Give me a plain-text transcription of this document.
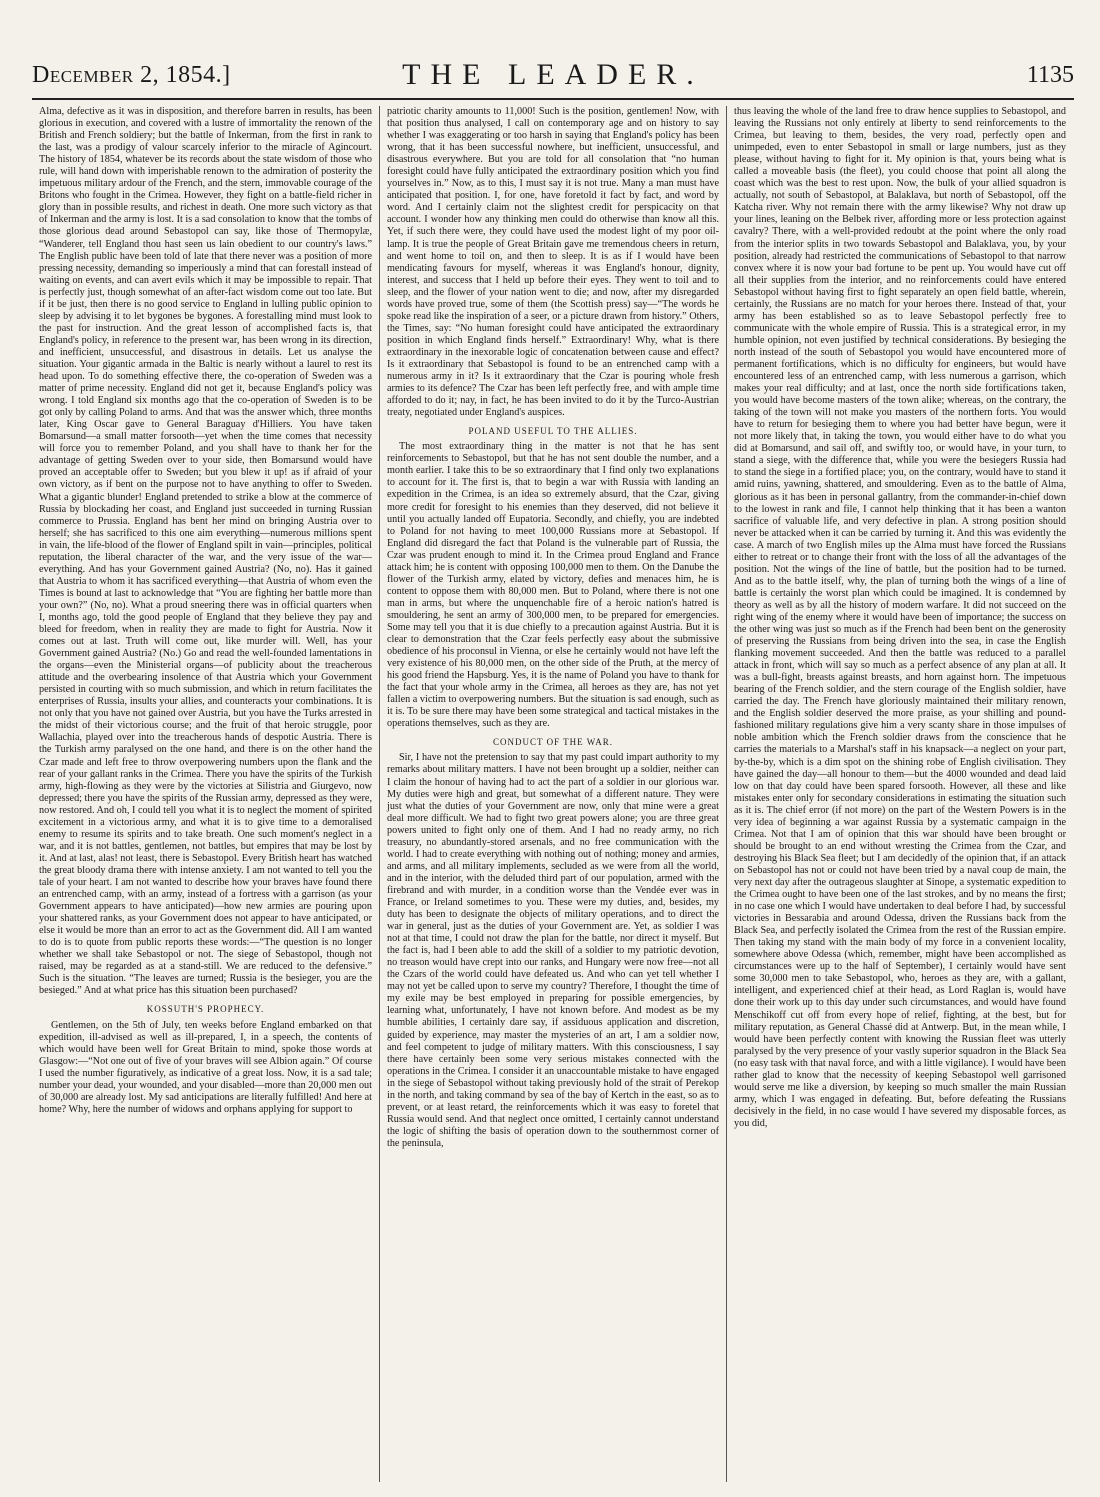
December 2, 1854.]	THE LEADER.	1135

Alma, defective as it was in disposition, and therefore barren in results, has been glorious in execution, and covered with a lustre of immortality the renown of the British and French soldiery; but the battle of Inkerman, from the first in rank to the last, was a prodigy of valour scarcely inferior to the miracle of Agincourt. The history of 1854, whatever be its records about the state wisdom of those who rule, will hand down with imperishable renown to the admiration of posterity the impetuous military ardour of the French, and the stern, immovable courage of the Britons who fought in the Crimea. However, they fight on a battle-field richer in glory than in possible results, and richest in death. One more such victory as that of Inkerman and the army is lost. It is a sad consolation to know that the tombs of those glorious dead around Sebastopol can say, like those of Thermopylæ, “Wanderer, tell England thou hast seen us lain obedient to our country's laws.” The English public have been told of late that there never was a position of more pressing necessity, demanding so imperiously a mind that can forestall instead of waiting on events, and can avert evils which it may be impossible to repair. That is perfectly just, though somewhat of an after-fact wisdom come out too late. But if it be just, then there is no good service to England in lulling public opinion to sleep by advising it to let bygones be bygones. A forestalling mind must look to the past for instruction. And the great lesson of accomplished facts is, that England's policy, in reference to the present war, has been wrong in its direction, and inefficient, unsuccessful, and disastrous in details. Let us analyse the situation. Your gigantic armada in the Baltic is nearly without a laurel to rest its head upon. To do something effective there, the co-operation of Sweden was a matter of prime necessity. England did not get it, because England's policy was wrong. I told England six months ago that the co-operation of Sweden is to be got only by calling Poland to arms. And that was the answer which, three months later, King Oscar gave to General Baraguay d'Hilliers. You have taken Bomarsund—a small matter forsooth—yet when the time comes that necessity will force you to remember Poland, and you shall have to thank her for the advantage of getting Sweden over to your side, then Bomarsund would have proved an acceptable offer to Sweden; but you blew it up! as if afraid of your own victory, as if bent on the purpose not to have anything to offer to Sweden. What a gigantic blunder! England pretended to strike a blow at the commerce of Russia by blockading her coast, and England just succeeded in turning Russian commerce to Prussia. England has bent her mind on bringing Austria over to herself; she has sacrificed to this one aim everything—numerous millions spent in vain, the life-blood of the flower of England spilt in vain—principles, political reputation, the liberal character of the war, and the very issue of the war—everything. And has your Government gained Austria? (No, no). Has it gained that Austria to whom it has sacrificed everything—that Austria of whom even the Times is bound at last to acknowledge that “You are fighting her battle more than your own?” (No, no). What a proud sneering there was in official quarters when I, months ago, told the good people of England that they believe they pay and bleed for freedom, when in reality they are made to fight for Austria. Now it comes out at last. Truth will come out, like murder will. Well, has your Government gained Austria? (No.) Go and read the well-founded lamentations in the organs—even the Ministerial organs—of publicity about the treacherous attitude and the overbearing insolence of that Austria which your Government persisted in courting with so much submission, and which in return facilitates the enterprises of Russia, insults your allies, and counteracts your combinations. It is not only that you have not gained over Austria, but you have the Turks arrested in the midst of their victorious course; and the fruit of that heroic struggle, poor Wallachia, played over into the treacherous hands of despotic Austria. There is the Turkish army paralysed on the one hand, and there is on the other hand the Czar made and left free to throw overpowering numbers upon the flank and the rear of your gallant ranks in the Crimea. There you have the spirits of the Turkish army, high-flowing as they were by the victories at Silistria and Giurgevo, now depressed; there you have the spirits of the Russian army, depressed as they were, now restored. And oh, I could tell you what it is to neglect the moment of spirited excitement in a victorious army, and what it is to give time to a demoralised enemy to resume its spirits and to take breath. One such moment's neglect in a war, and it is not battles, gentlemen, not battles, but empires that may be lost by it. And at last, alas! not least, there is Sebastopol. Every British heart has watched the great bloody drama there with intense anxiety. I am not wanted to tell you the tale of your heart. I am not wanted to describe how your braves have found there an entrenched camp, with an army, instead of a fortress with a garrison (as your Government appears to have anticipated)—how new armies are pouring upon your shattered ranks, as your Government does not appear to have anticipated, or else it would be more than an error to act as the Government did. All I am wanted to do is to quote from public reports these words:—“The question is no longer whether we shall take Sebastopol or not. The siege of Sebastopol, though not raised, may be regarded as at a stand-still. We are reduced to the defensive.” Such is the situation. “The leaves are turned; Russia is the besieger, you are the besieged.” And at what price has this situation been purchased?

KOSSUTH'S PROPHECY.

Gentlemen, on the 5th of July, ten weeks before England embarked on that expedition, ill-advised as well as ill-prepared, I, in a speech, the contents of which would have been well for Great Britain to mind, spoke those words at Glasgow:—“Not one out of five of your braves will see Albion again.” Of course I used the number figuratively, as indicative of a great loss. Now, it is a sad tale; number your dead, your wounded, and your disabled—more than 20,000 men out of 30,000 are already lost. My sad anticipations are literally fulfilled! And here at home? Why, here the number of widows and orphans applying for support to

patriotic charity amounts to 11,000! Such is the position, gentlemen! Now, with that position thus analysed, I call on contemporary age and on history to say whether I was exaggerating or too harsh in saying that England's policy has been wrong, that it has been successful nowhere, but inefficient, unsuccessful, and disastrous everywhere. But you are told for all consolation that “no human foresight could have fully anticipated the extraordinary position which you find yourselves in.” Now, as to this, I must say it is not true. Many a man must have anticipated that position. I, for one, have foretold it fact by fact, and word by word. And I certainly claim not the slightest credit for perspicacity on that account. I wonder how any thinking men could do otherwise than know all this. Yet, if such there were, they could have used the modest light of my poor oil-lamp. It is true the people of Great Britain gave me tremendous cheers in return, and went home to toil on, and then to sleep. It is as if I would have been mendicating favours for myself, whereas it was England's honour, dignity, interest, and success that I held up before their eyes. They went to toil and to sleep, and the flower of your nation went to die; and now, after my disregarded words have proved true, some of them (the Scottish press) say—“The words he spoke read like the inspiration of a seer, or a picture drawn from history.” Others, the Times, say: “No human foresight could have anticipated the extraordinary position in which England finds herself.” Extraordinary! Why, what is there extraordinary in the inexorable logic of concatenation between cause and effect? Is it extraordinary that Sebastopol is found to be an entrenched camp with a numerous army in it? Is it extraordinary that the Czar is pouring whole fresh armies to its defence? The Czar has been left perfectly free, and with ample time afforded to do it; nay, in fact, he has been invited to do it by the Turco-Austrian treaty, negotiated under England's auspices.

POLAND USEFUL TO THE ALLIES.

The most extraordinary thing in the matter is not that he has sent reinforcements to Sebastopol, but that he has not sent double the number, and a month earlier. I take this to be so extraordinary that I find only two explanations to account for it. The first is, that to begin a war with Russia with landing an expedition in the Crimea, is an idea so extremely absurd, that the Czar, giving more credit for foresight to his enemies than they deserved, did not believe it until you actually landed off Eupatoria. Secondly, and chiefly, you are indebted to Poland for not having to meet 100,000 Russians more at Sebastopol. If England did disregard the fact that Poland is the vulnerable part of Russia, the Czar was prudent enough to mind it. In the Crimea proud England and France attack him; he is content with opposing 100,000 men to them. On the Danube the flower of the Turkish army, elated by victory, defies and menaces him, he is content to oppose them with 80,000 men. But to Poland, where there is not one man in arms, but where the unquenchable fire of a heroic nation's hatred is smouldering, he sent an army of 300,000 men, to be prepared for emergencies. Some may tell you that it is due chiefly to a precaution against Austria. But it is clear to demonstration that the Czar feels perfectly easy about the submissive obedience of his proconsul in Vienna, or else he certainly would not have left the very existence of his 80,000 men, on the other side of the Pruth, at the mercy of his good friend the Hapsburg. Yes, it is the name of Poland you have to thank for the fact that your whole army in the Crimea, all heroes as they are, has not yet fallen a victim to overpowering numbers. But the situation is sad enough, such as it is. To be sure there may have been some strategical and tactical mistakes in the operations themselves, such as they are.

CONDUCT OF THE WAR.

Sir, I have not the pretension to say that my past could impart authority to my remarks about military matters. I have not been brought up a soldier, neither can I claim the honour of having had to act the part of a soldier in our glorious war. My duties were high and great, but somewhat of a different nature. They were just what the duties of your Government are now, only that mine were a great deal more difficult. We had to fight two great powers alone; you are three great powers united to fight only one of them. And I had no ready army, no rich treasury, no abundantly-stored arsenals, and no free communication with the world. I had to create everything with nothing out of nothing; money and armies, and arms, and all military implements, secluded as we were from all the world, and in the interior, with the deluded third part of our population, armed with the firebrand and with murder, in a condition worse than the Vendée ever was in France, or Ireland sometimes to you. These were my duties, and, besides, my duty has been to designate the objects of military operations, and to direct the war in general, just as the duties of your Government are. Yet, as soldier I was not at that time, I could not draw the plan for the battle, nor direct it myself. But the fact is, had I been able to add the skill of a soldier to my patriotic devotion, no treason would have crept into our ranks, and Hungary were now free—not all the Czars of the world could have defeated us. And who can yet tell whether I may not yet be called upon to serve my country? Therefore, I thought the time of my exile may be best employed in preparing for possible emergencies, by learning what, unfortunately, I have not known before. And modest as be my humble abilities, I certainly dare say, if assiduous application and discretion, guided by experience, may master the mysteries of an art, I am a soldier now, and feel competent to judge of military matters. With this consciousness, I say there have certainly been some very serious mistakes connected with the operations in the Crimea. I consider it an unaccountable mistake to have engaged in the siege of Sebastopol without taking previously hold of the strait of Perekop in the north, and taking command by sea of the bay of Kertch in the east, so as to prevent, or at least retard, the reinforcements which it was easy to foretel that Russia would send. And that neglect once omitted, I certainly cannot understand the logic of shifting the basis of operation down to the southernmost corner of the peninsula,

thus leaving the whole of the land free to draw hence supplies to Sebastopol, and leaving the Russians not only entirely at liberty to send reinforcements to the Crimea, but leaving to them, besides, the very road, perfectly open and unimpeded, even to enter Sebastopol in small or large numbers, just as they please, without having to fight for it. My opinion is that, yours being what is called a moveable basis (the fleet), you could choose that point all along the coast which was the best to rest upon. Now, the bulk of your allied squadron is actually, not south of Sebastopol, at Balaklava, but north of Sebastopol, off the Katcha river. Why not remain there with the army likewise? Why not draw up your lines, leaning on the Belbek river, affording more or less protection against cavalry? There, with a well-provided redoubt at the point where the only road from the interior splits in two towards Sebastopol and Balaklava, you, by your position, already had restricted the communications of Sebastopol to that narrow convex where it is now your bad fortune to be pent up. You would have cut off all their supplies from the interior, and no reinforcements could have entered Sebastopol without having first to fight separately an open field battle, wherein, certainly, the Russians are no match for your heroes there. Instead of that, your army has been established so as to leave Sebastopol perfectly free to communicate with the whole empire of Russia. This is a strategical error, in my humble opinion, not even justified by technical considerations. By besieging the north instead of the south of Sebastopol you would have encountered more of permanent fortifications, which is no difficulty for engineers, but would have encountered less of an entrenched camp, with less numerous a garrison, which makes your real difficulty; and at last, once the north side fortifications taken, you would have become masters of the town alike; whereas, on the contrary, the taking of the town will not make you masters of the northern forts. You would have to return for besieging them to where you had better have begun, were it not more likely that, in taking the town, you would either have to do what you did at Bomarsund, and sail off, and swiftly too, or would have, in your turn, to stand a siege, with the difference that, while you were the besiegers Russia had to stand the siege in a fortified place; you, on the contrary, would have to stand it amid ruins, yawning, shattered, and smouldering. Even as to the battle of Alma, glorious as it has been in personal gallantry, from the commander-in-chief down to the lowest in rank and file, I cannot help thinking that it has been a wanton sacrifice of valuable life, and very defective in plan. A strong position should never be attacked when it can be carried by turning it. And this was evidently the case. A march of two English miles up the Alma must have forced the Russians either to retreat or to change their front with the loss of all the advantages of the position. Not the wings of the line of battle, but the position had to be turned. And as to the battle itself, why, the plan of turning both the wings of a line of battle is certainly the worst plan which could be imagined. It is condemned by theory as well as by all the history of modern warfare. It did not succeed on the right wing of the enemy where it would have been of importance; the success on the other wing was just so much as if the French had been bent on the generosity of preserving the Russians from being driven into the sea, in case the English flanking movement succeeded. And then the battle was reduced to a parallel attack in front, which will say so much as a perfect absence of any plan at all. It was a bull-fight, breasts against breasts, and horn against horn. The impetuous bearing of the French soldier, and the stern courage of the English soldier, have carried the day. The French have gloriously maintained their military renown, and the English soldier deserved the more praise, as your shilling and pound-fashioned military regulations give him a very scanty share in those impulses of noble ambition which the French soldier draws from the conscience that he carries the materials to a Marshal's staff in his knapsack—a neglect on your part, by-the-by, which is a dim spot on the shining robe of English civilisation. They have gained the day—all honour to them—but the 4000 wounded and dead laid low on that day could have been spared forsooth. However, all these and like mistakes enter only for secondary considerations in estimating the situation such as it is. The chief error (if not more) on the part of the Western Powers is in the very idea of beginning a war against Russia by a systematic campaign in the Crimea. Not that I am of opinion that this war should have been brought or should be brought to an end without wresting the Crimea from the Czar, and destroying his Black Sea fleet; but I am decidedly of the opinion that, if an attack on Sebastopol has not or could not have been tried by a naval coup de main, the very next day after the outrageous slaughter at Sinope, a systematic expedition to the Crimea ought to have been one of the last strokes, and by no means the first; in no case one which I would have undertaken to deal before I had, by successful victories in Bessarabia and around Odessa, driven the Russians back from the Black Sea, and perfectly isolated the Crimea from the rest of the Russian empire. Then taking my stand with the main body of my force in a convenient locality, somewhere above Odessa (which, remember, might have been accomplished as circumstances were up to the half of September), I certainly would have sent some 30,000 men to take Sebastopol, who, heroes as they are, with a gallant, intelligent, and experienced chief at their head, as Lord Raglan is, would have done their work up to this day under such circumstances, and would have found Menschikoff cut off from every hope of relief, fighting, at the best, but for military reputation, as General Chassé did at Antwerp. But, in the mean while, I would have been perfectly content with knowing the Russian fleet was utterly paralysed by the very presence of your vastly superior squadron in the Black Sea (no easy task with that naval force, and with a little vigilance). I would have been rather glad to know that the necessity of keeping Sebastopol well garrisoned would serve me like a diversion, by keeping so much smaller the main Russian army, which I was engaged in defeating. But, before defeating the Russians decisively in the field, in no case would I have severed my disposable forces, as you did,
